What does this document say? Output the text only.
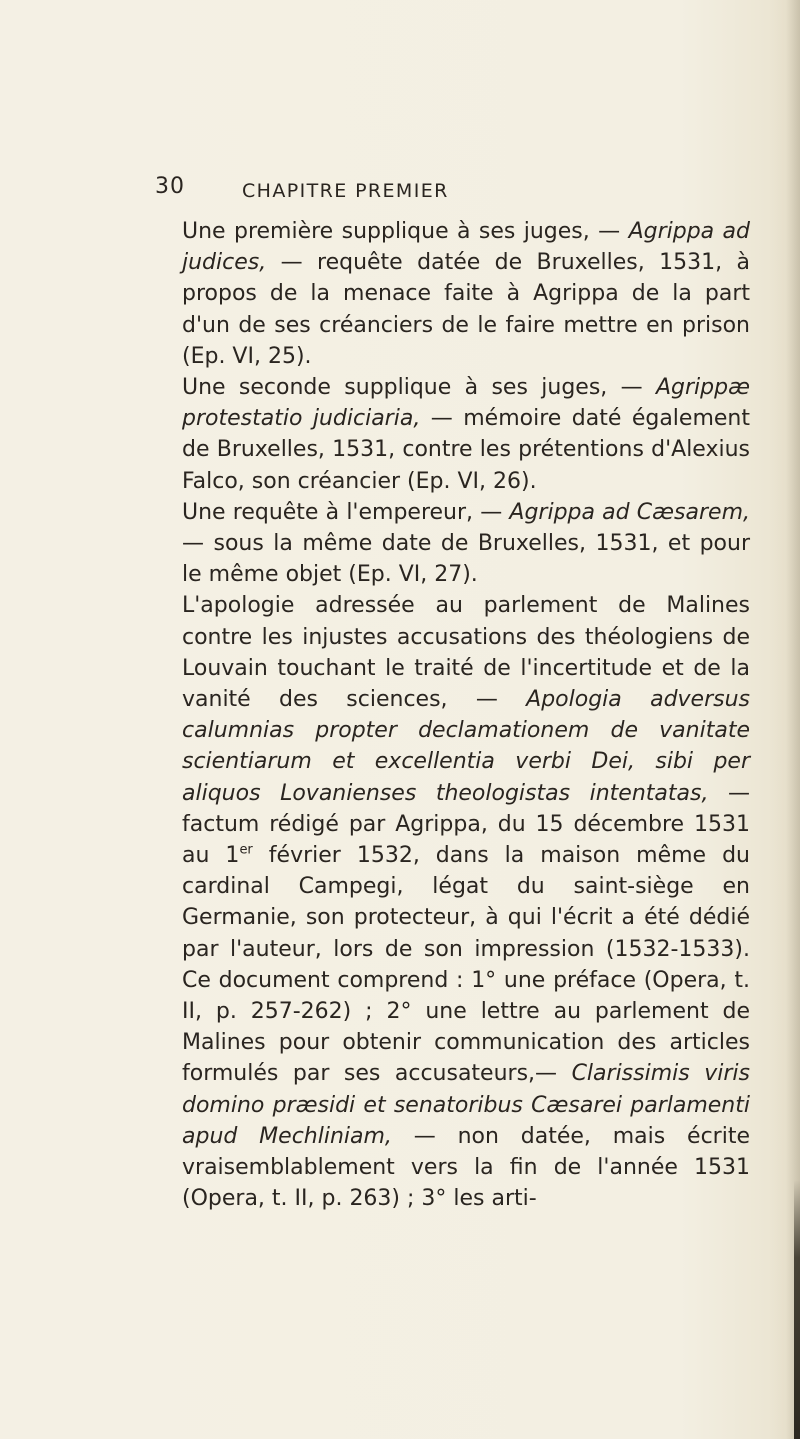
30	CHAPITRE PREMIER

Une première supplique à ses juges, — Agrippa ad judices, — requête datée de Bruxelles, 1531, à propos de la menace faite à Agrippa de la part d'un de ses créanciers de le faire mettre en prison (Ep. VI, 25).

Une seconde supplique à ses juges, — Agrippæ protestatio judiciaria, — mémoire daté également de Bruxelles, 1531, contre les prétentions d'Alexius Falco, son créancier (Ep. VI, 26).

Une requête à l'empereur, — Agrippa ad Cæsarem, — sous la même date de Bruxelles, 1531, et pour le même objet (Ep. VI, 27).

L'apologie adressée au parlement de Malines contre les injustes accusations des théologiens de Louvain touchant le traité de l'incertitude et de la vanité des sciences, — Apologia adversus calumnias propter declamationem de vanitate scientiarum et excellentia verbi Dei, sibi per aliquos Lovanienses theologistas intentatas, — factum rédigé par Agrippa, du 15 décembre 1531 au 1er février 1532, dans la maison même du cardinal Campegi, légat du saint-siège en Germanie, son protecteur, à qui l'écrit a été dédié par l'auteur, lors de son impression (1532-1533). Ce document comprend : 1° une préface (Opera, t. II, p. 257-262) ; 2° une lettre au parlement de Malines pour obtenir communication des articles formulés par ses accusateurs,— Clarissimis viris domino præsidi et senatoribus Cæsarei parlamenti apud Mechliniam, — non datée, mais écrite vraisemblablement vers la fin de l'année 1531 (Opera, t. II, p. 263) ; 3° les arti-
